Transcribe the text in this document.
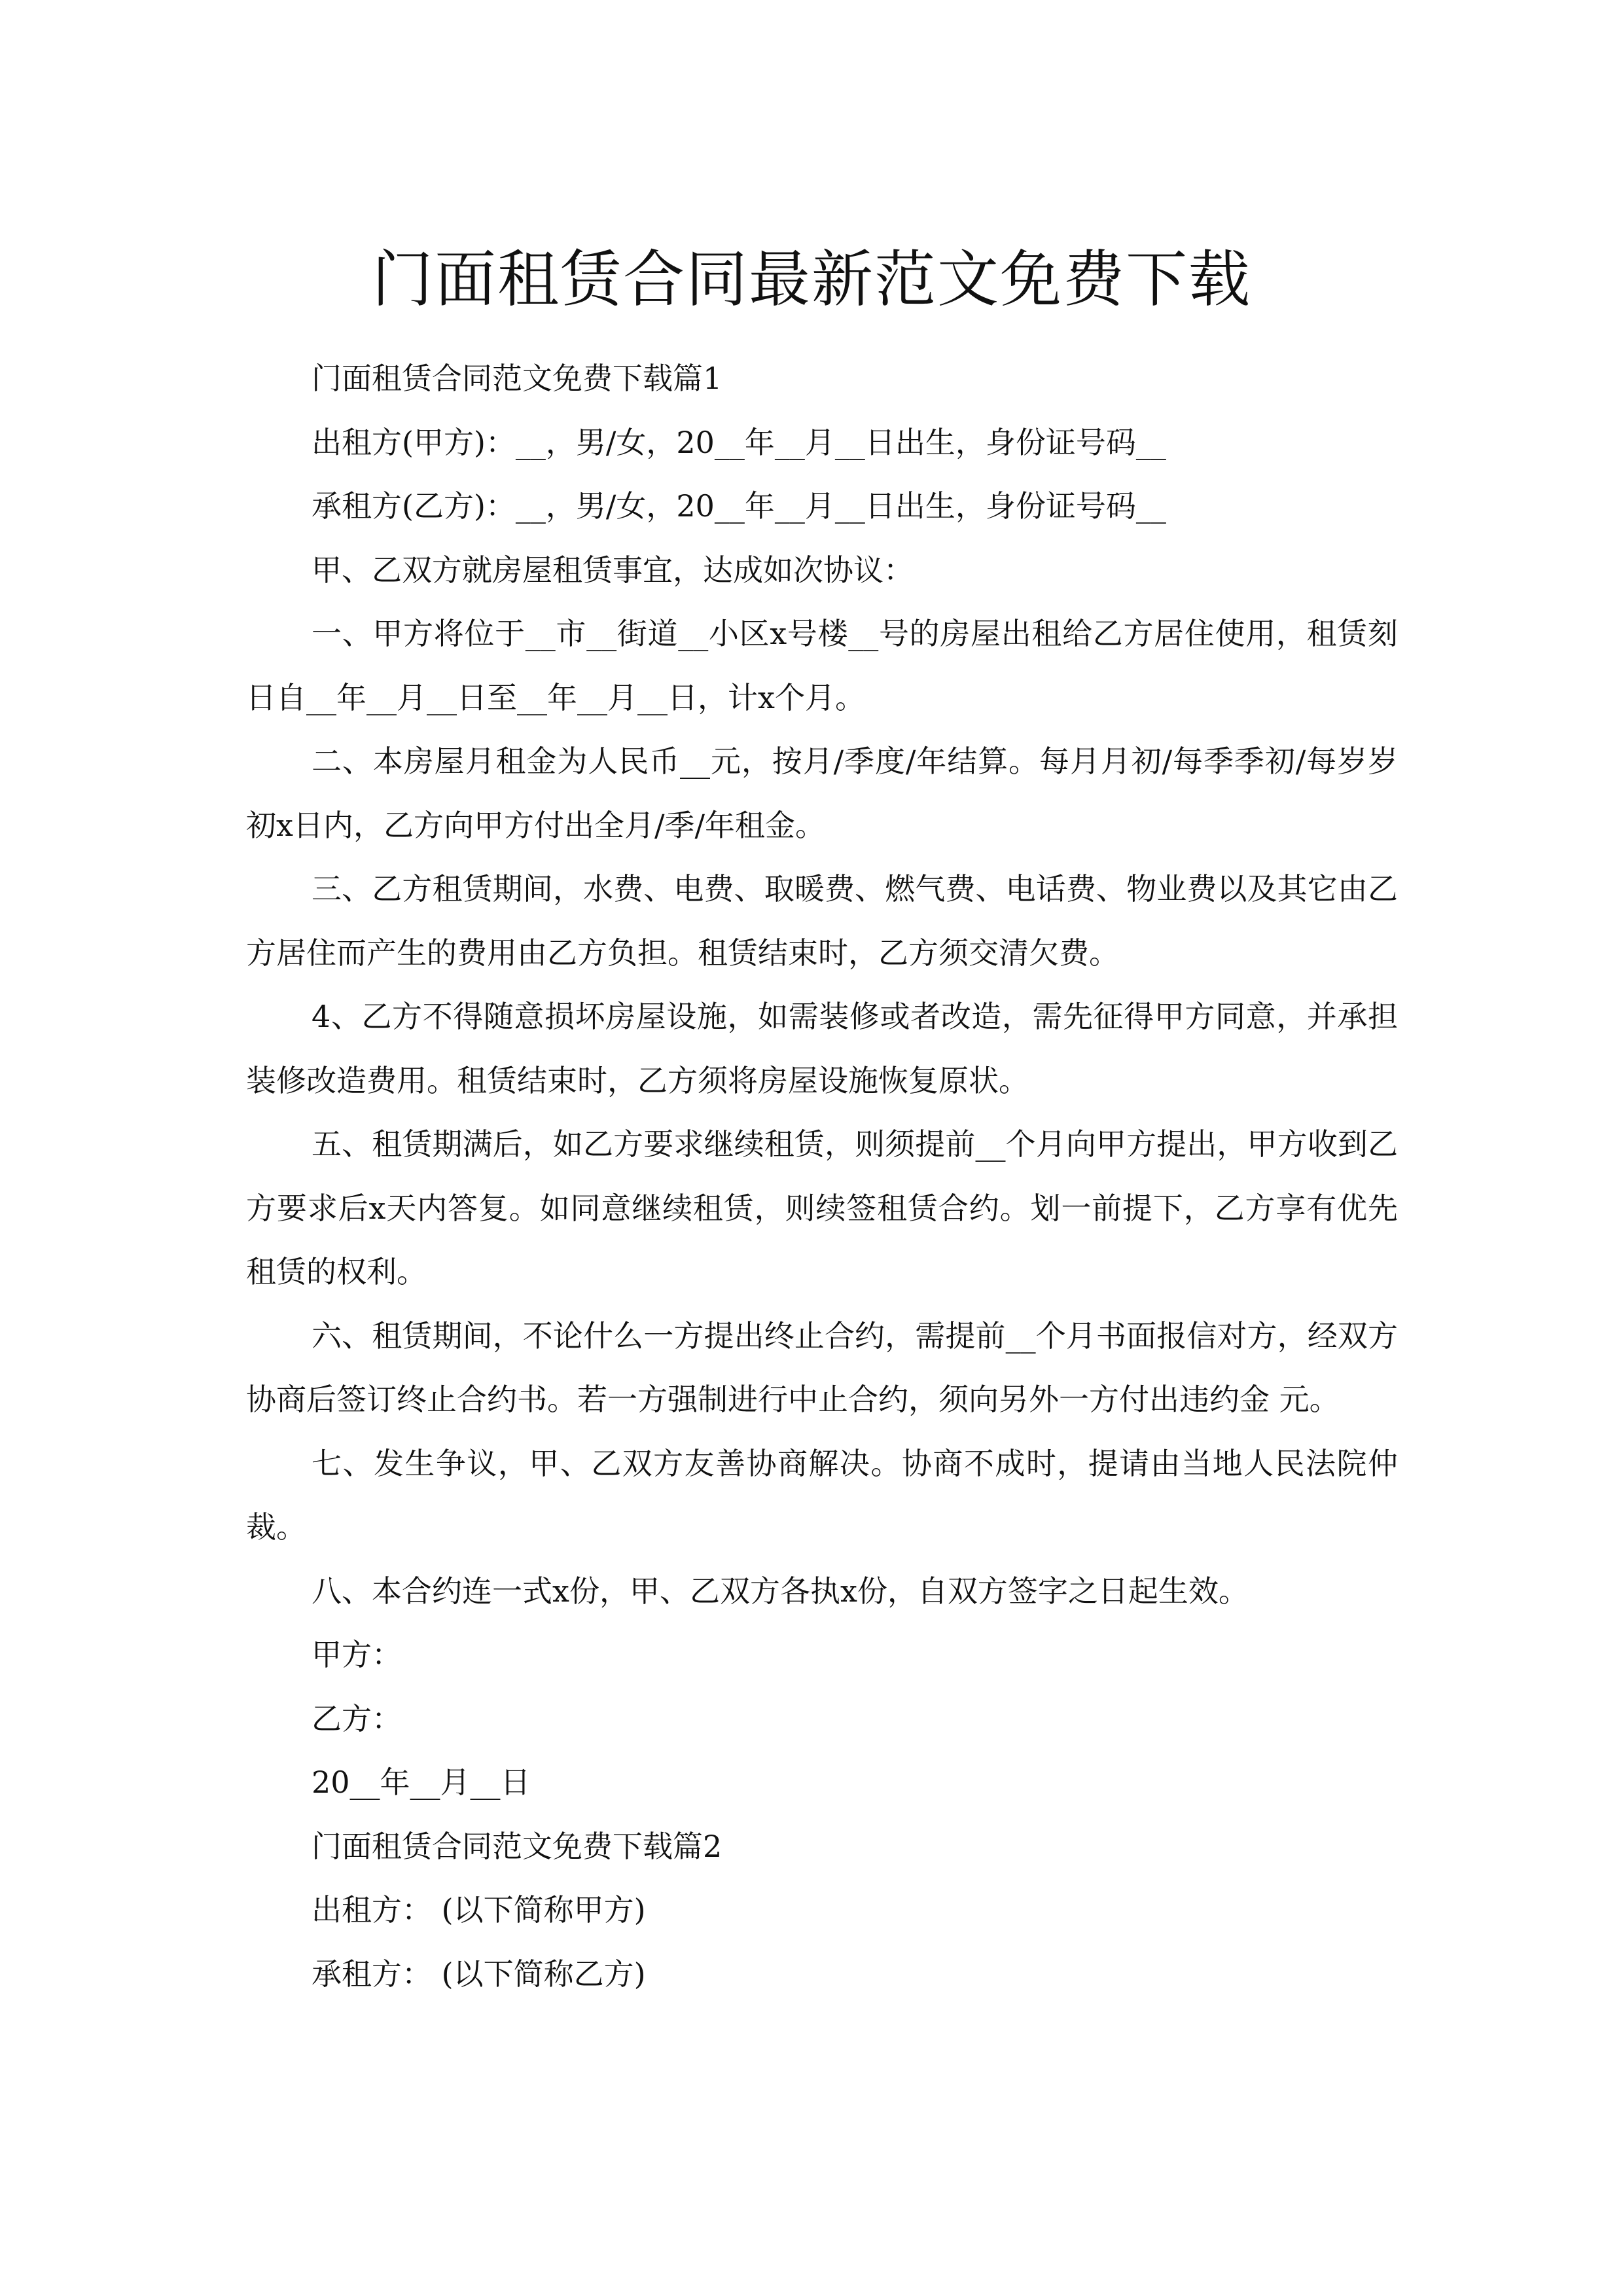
门面租赁合同最新范文免费下载

门面租赁合同范文免费下载篇1

出租方(甲方)：__，男/女，20__年__月__日出生，身份证号码__

承租方(乙方)：__，男/女，20__年__月__日出生，身份证号码__

甲、乙双方就房屋租赁事宜，达成如次协议：

一、甲方将位于__市__街道__小区x号楼__号的房屋出租给乙方居住使用，租赁刻日自__年__月__日至__年__月__日，计x个月。

二、本房屋月租金为人民币__元，按月/季度/年结算。每月月初/每季季初/每岁岁初x日内，乙方向甲方付出全月/季/年租金。

三、乙方租赁期间，水费、电费、取暖费、燃气费、电话费、物业费以及其它由乙方居住而产生的费用由乙方负担。租赁结束时，乙方须交清欠费。

4、乙方不得随意损坏房屋设施，如需装修或者改造，需先征得甲方同意，并承担装修改造费用。租赁结束时，乙方须将房屋设施恢复原状。

五、租赁期满后，如乙方要求继续租赁，则须提前__个月向甲方提出，甲方收到乙方要求后x天内答复。如同意继续租赁，则续签租赁合约。划一前提下，乙方享有优先租赁的权利。

六、租赁期间，不论什么一方提出终止合约，需提前__个月书面报信对方，经双方协商后签订终止合约书。若一方强制进行中止合约，须向另外一方付出违约金 元。

七、发生争议，甲、乙双方友善协商解决。协商不成时，提请由当地人民法院仲裁。

八、本合约连一式x份，甲、乙双方各执x份，自双方签字之日起生效。

甲方：

乙方：

20__年__月__日

门面租赁合同范文免费下载篇2

出租方： (以下简称甲方)

承租方： (以下简称乙方)
